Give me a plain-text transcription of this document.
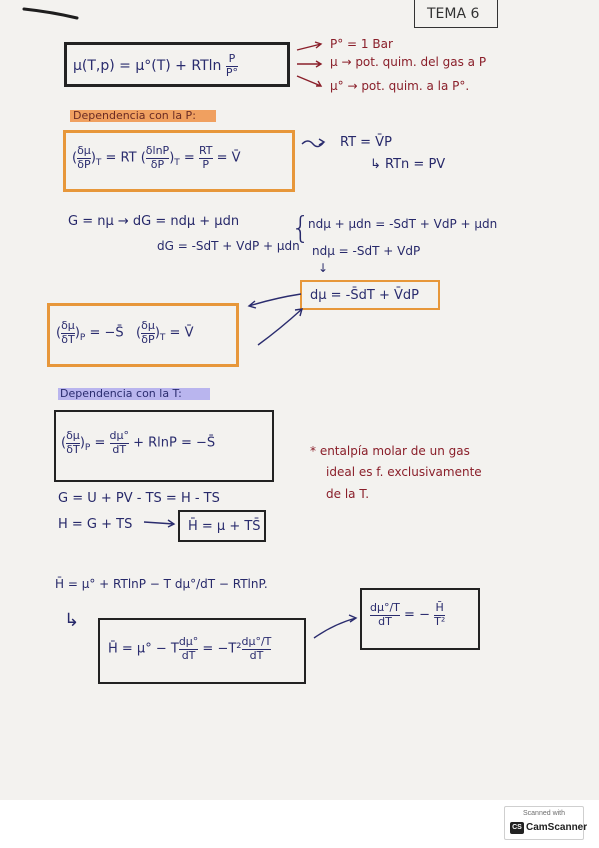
TEMA 6
μ(T,p) = μ°(T) + RTln $\frac{P}{P^\circ}$
P° = 1 Bar
μ → pot. quim. del gas a P
μ° → pot. quim. a la P°.
Dependencia con la P:
( $\frac{\delta\mu}{\delta P} )_T$ = RT ( $\frac{\delta\ln P}{\delta P} )_T = \frac{RT}{P}$ = V̄
RT = V̄P
↳ RTn = PV
G = nμ → dG = ndμ + μdn
dG = -SdT + VdP + μdn
{
ndμ + μdn = -SdT + VdP + μdn
ndμ = -SdT + VdP
↓
dμ = -S̄dT + V̄dP
( $\frac{\delta\mu}{\delta T} )_P$ = −S̄   ( $\frac{\delta\mu}{\delta P} )_T$ = V̄
Dependencia con la T:
( $\frac{\delta\mu}{\delta T} )_P = \frac{d\mu^\circ}{dT} + RlnP$ = −S̄
* entalpía molar de un gas
ideal es f. exclusivamente
de la T.
G = U + PV - TS = H - TS
H = G + TS	H̄ = μ + TS̄
H̄ = μ° + RTlnP − T dμ°/dT − RTlnP.
↳
H̄ = μ° − T $\frac{d\mu^\circ}{dT} = -T^2 \frac{d\mu^\circ/T}{dT}$
$\frac{d\mu^\circ/T}{dT}$ = − $\frac{H̄}{\text{T²}}$
Scanned with
CS CamScanner
